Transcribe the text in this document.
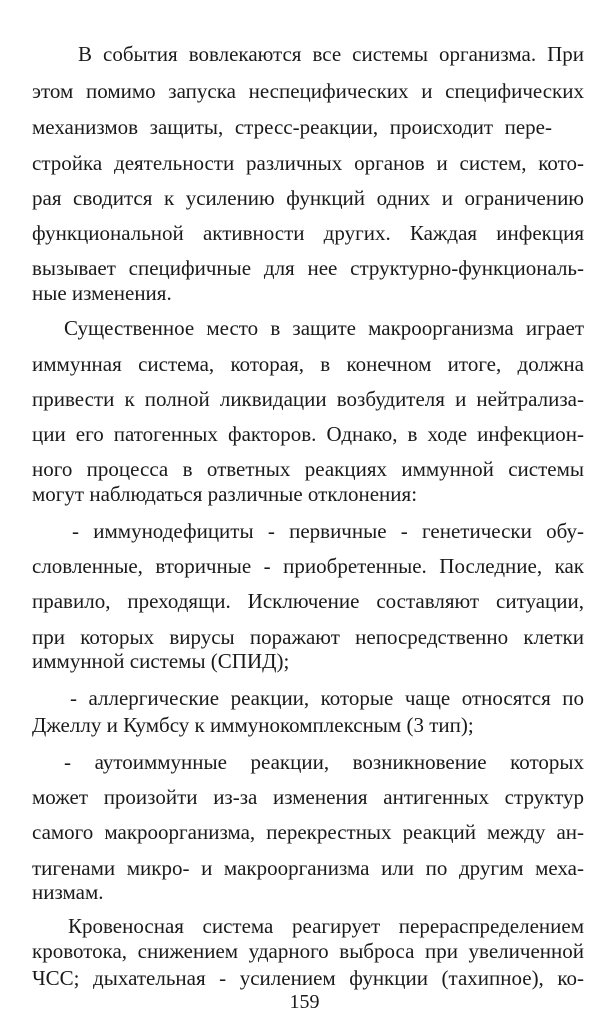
В события вовлекаются все системы организма. При
этом помимо запуска неспецифических и специфических
механизмов защиты, стресс-реакции, происходит пере-
стройка деятельности различных органов и систем, кото-
рая сводится к усилению функций одних и ограничению
функциональной активности других. Каждая инфекция
вызывает специфичные для нее структурно-функциональ-
ные изменения.
Существенное место в защите макроорганизма играет
иммунная система, которая, в конечном итоге, должна
привести к полной ликвидации возбудителя и нейтрализа-
ции его патогенных факторов. Однако, в ходе инфекцион-
ного процесса в ответных реакциях иммунной системы
могут наблюдаться различные отклонения:
- иммунодефициты - первичные - генетически обу-
словленные, вторичные - приобретенные. Последние, как
правило, преходящи. Исключение составляют ситуации,
при которых вирусы поражают непосредственно клетки
иммунной системы (СПИД);
- аллергические реакции, которые чаще относятся по
Джеллу и Кумбсу к иммунокомплексным (3 тип);
- аутоиммунные реакции, возникновение которых
может произойти из-за изменения антигенных структур
самого макроорганизма, перекрестных реакций между ан-
тигенами микро- и макроорганизма или по другим меха-
низмам.
Кровеносная система реагирует перераспределением
кровотока, снижением ударного выброса при увеличенной
ЧСС; дыхательная - усилением функции (тахипное), ко-
159
